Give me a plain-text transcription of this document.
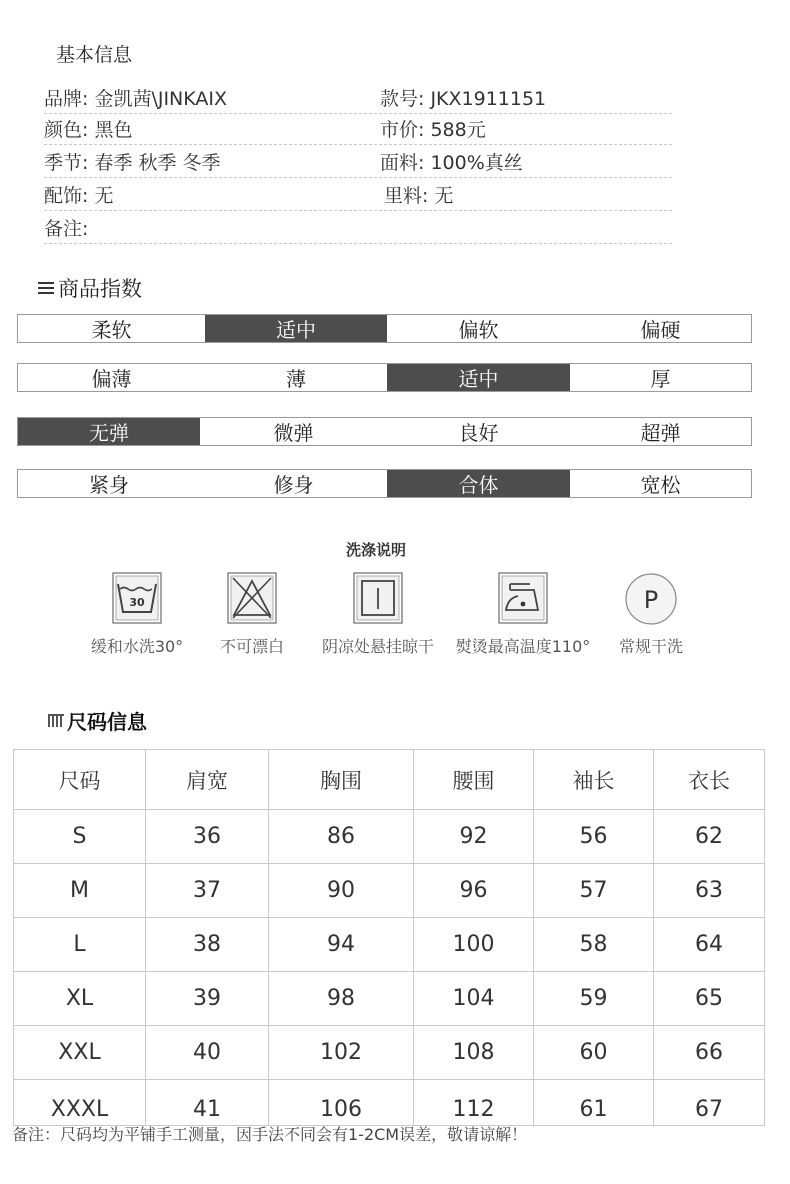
基本信息
品牌: 金凯茜\JINKAIX	款号: JKX1911151
颜色: 黑色	市价: 588元
季节: 春季 秋季 冬季	面料: 100%真丝
配饰: 无	里料: 无
备注:
商品指数
柔软	适中	偏软	偏硬
偏薄	薄	适中	厚
无弹	微弹	良好	超弹
紧身	修身	合体	宽松
洗涤说明
30
缓和水洗30°	不可漂白	阴凉处悬挂晾干	熨烫最高温度110°
P
常规干洗
尺码信息
尺码	肩宽	胸围	腰围	袖长	衣长
S	36	86	92	56	62
M	37	90	96	57	63
L	38	94	100	58	64
XL	39	98	104	59	65
XXL	40	102	108	60	66
XXXL	41	106	112	61	67
备注：尺码均为平铺手工测量，因手法不同会有1-2CM误差，敬请谅解！
